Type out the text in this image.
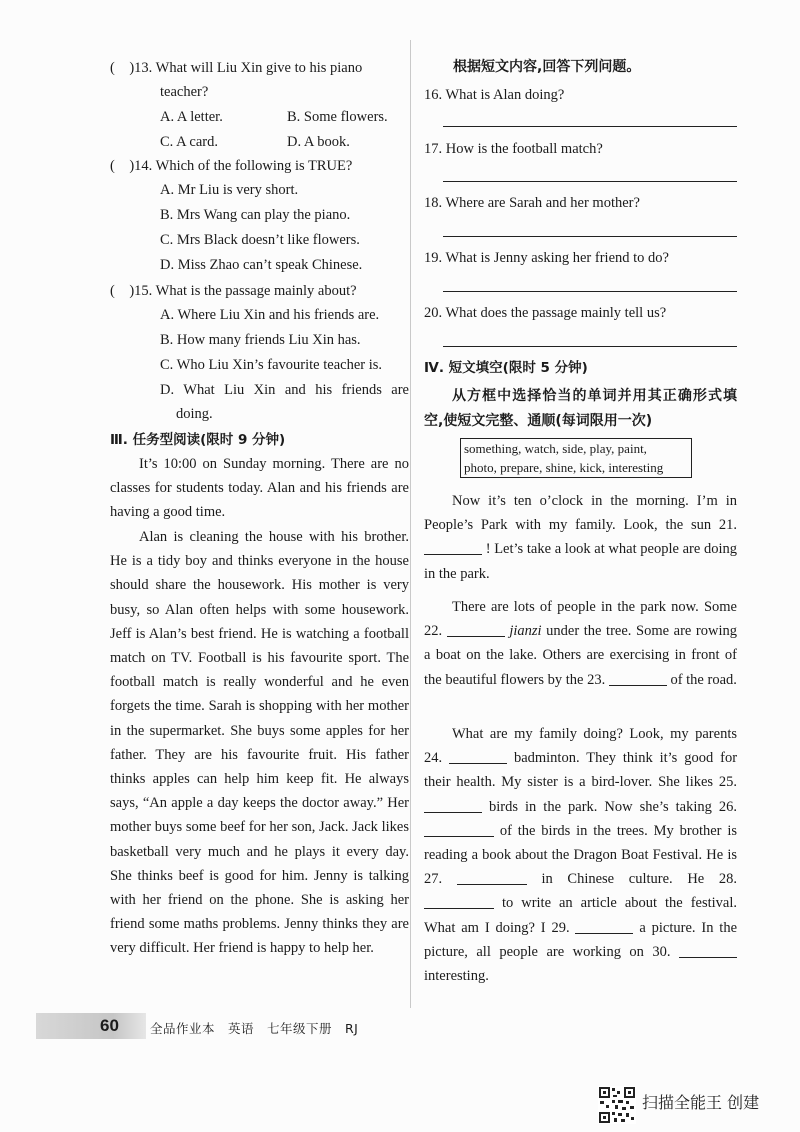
(　)13. What will Liu Xin give to his piano
teacher?
A. A letter.	B. Some flowers.
C. A card.	D. A book.
(　)14. Which of the following is TRUE?
A. Mr Liu is very short.
B. Mrs Wang can play the piano.
C. Mrs Black doesn’t like flowers.
D. Miss Zhao can’t speak Chinese.
(　)15. What is the passage mainly about?
A. Where Liu Xin and his friends are.
B. How many friends Liu Xin has.
C. Who Liu Xin’s favourite teacher is.
D. What Liu Xin and his friends are
doing.
Ⅲ. 任务型阅读(限时 9 分钟)
It’s 10:00 on Sunday morning. There are no classes for students today. Alan and his friends are having a good time.
Alan is cleaning the house with his brother. He is a tidy boy and thinks everyone in the house should share the housework. His mother is very busy, so Alan often helps with some housework. Jeff is Alan’s best friend. He is watching a football match on TV. Football is his favourite sport. The football match is really wonderful and he even forgets the time. Sarah is shopping with her mother in the supermarket. She buys some apples for her father. They are his favourite fruit. His father thinks apples can help him keep fit. He always says, “An apple a day keeps the doctor away.” Her mother buys some beef for her son, Jack. Jack likes basketball very much and he plays it every day. She thinks beef is good for him. Jenny is talking with her friend on the phone. She is asking her friend some maths problems. Jenny thinks they are very difficult. Her friend is happy to help her.
根据短文内容,回答下列问题。
16. What is Alan doing?
17. How is the football match?
18. Where are Sarah and her mother?
19. What is Jenny asking her friend to do?
20. What does the passage mainly tell us?
Ⅳ. 短文填空(限时 5 分钟)
从方框中选择恰当的单词并用其正确形式填空,使短文完整、通顺(每词限用一次)
something, watch, side, play, paint,
photo, prepare, shine, kick, interesting
Now it’s ten o’clock in the morning. I’m in People’s Park with my family. Look, the sun 21.  ! Let’s take a look at what people are doing in the park.
There are lots of people in the park now. Some 22.	jianzi under the tree. Some are rowing a boat on the lake. Others are exercising in front of the beautiful flowers by the 23.	of the road.
What are my family doing? Look, my parents 24.	badminton. They think it’s good for their health. My sister is a bird-lover. She likes 25.  birds in the park. Now she’s taking 26.  of the birds in the trees. My brother is reading a book about the Dragon Boat Festival. He is 27.	in Chinese culture. He 28.  to write an article about the festival. What am I doing? I 29.	a picture. In the picture, all people are working on 30.  interesting.
60 全品作业本　英语　七年级下册　RJ
扫描全能王 创建
